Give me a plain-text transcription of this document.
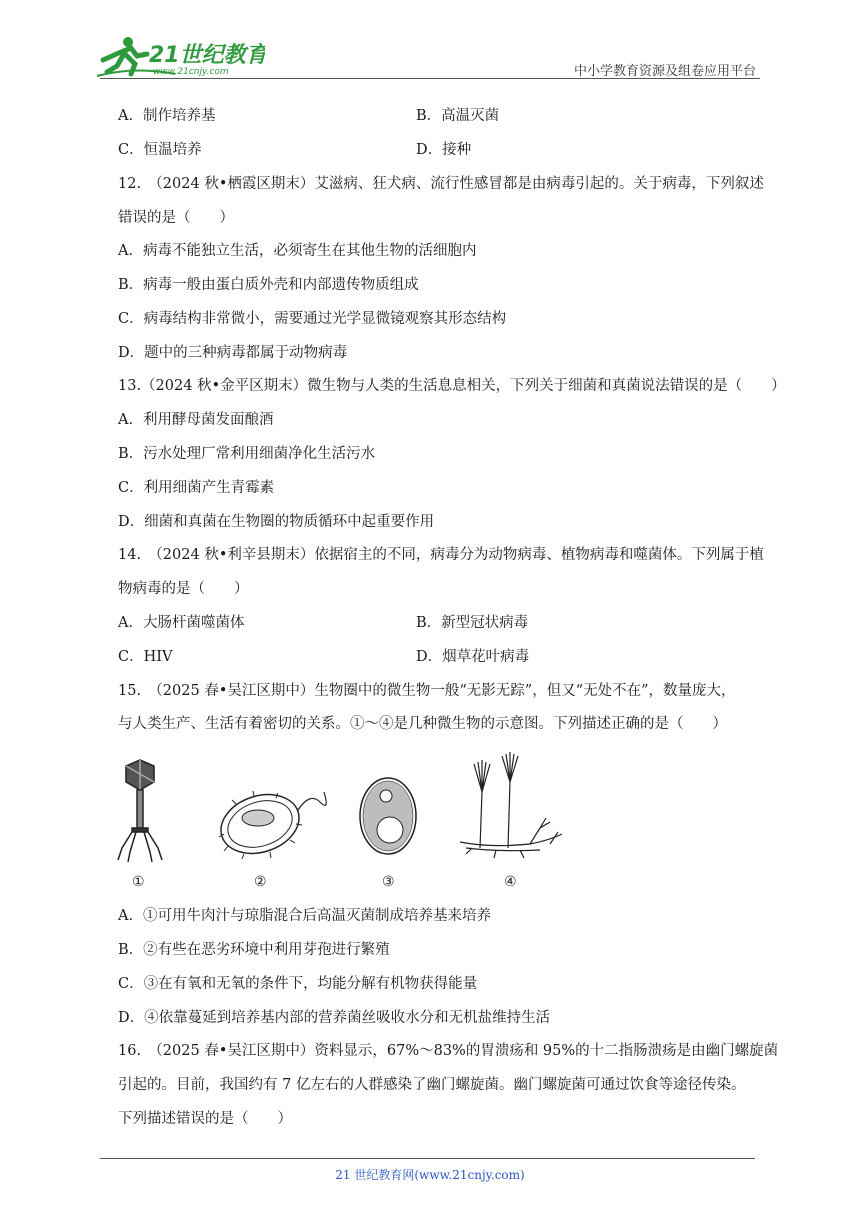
21世纪教育
www.21cnjy.com	中小学教育资源及组卷应用平台
A．制作培养基	B．高温灭菌
C．恒温培养	D．接种
12.　（2024 秋•栖霞区期末）艾滋病、狂犬病、流行性感冒都是由病毒引起的。关于病毒，下列叙述
错误的是（　　）
A．病毒不能独立生活，必须寄生在其他生物的活细胞内
B．病毒一般由蛋白质外壳和内部遗传物质组成
C．病毒结构非常微小，需要通过光学显微镜观察其形态结构
D．题中的三种病毒都属于动物病毒
13.（2024 秋•金平区期末）微生物与人类的生活息息相关，下列关于细菌和真菌说法错误的是（　　）
A．利用酵母菌发面酿酒
B．污水处理厂常利用细菌净化生活污水
C．利用细菌产生青霉素
D．细菌和真菌在生物圈的物质循环中起重要作用
14.　（2024 秋•利辛县期末）依据宿主的不同，病毒分为动物病毒、植物病毒和噬菌体。下列属于植
物病毒的是（　　）
A．大肠杆菌噬菌体	B．新型冠状病毒
C．HIV	D．烟草花叶病毒
15.　（2025 春•吴江区期中）生物圈中的微生物一般“无影无踪”，但又“无处不在”，数量庞大，
与人类生产、生活有着密切的关系。①～④是几种微生物的示意图。下列描述正确的是（　　）
①	②	③	④
A．①可用牛肉汁与琼脂混合后高温灭菌制成培养基来培养
B．②有些在恶劣环境中利用芽孢进行繁殖
C．③在有氧和无氧的条件下，均能分解有机物获得能量
D．④依靠蔓延到培养基内部的营养菌丝吸收水分和无机盐维持生活
16.　（2025 春•吴江区期中）资料显示，67%～83%的胃溃疡和 95%的十二指肠溃疡是由幽门螺旋菌
引起的。目前，我国约有 7 亿左右的人群感染了幽门螺旋菌。幽门螺旋菌可通过饮食等途径传染。
下列描述错误的是（　　）
21 世纪教育网(www.21cnjy.com)
